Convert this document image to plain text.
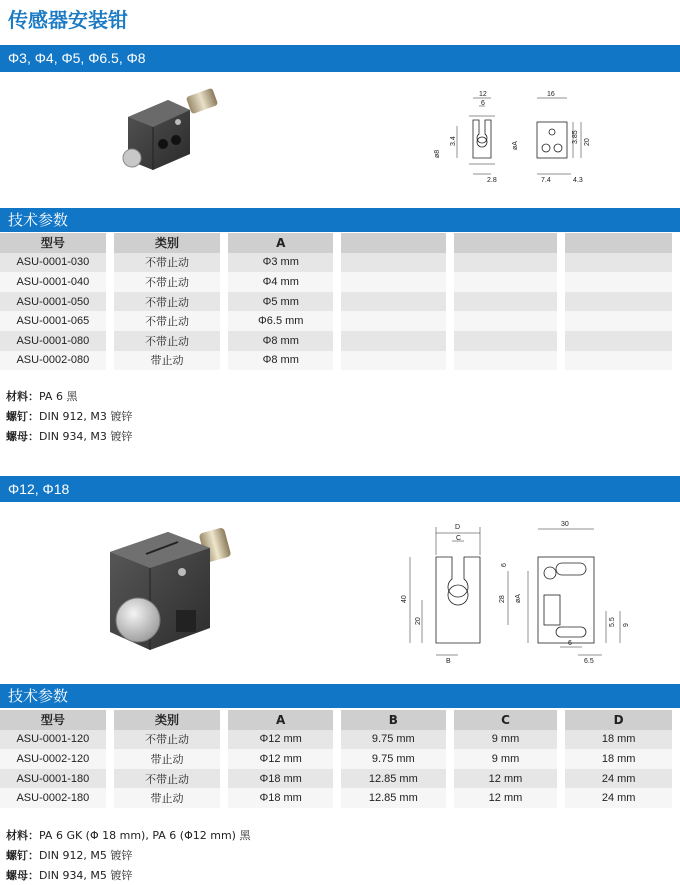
传感器安装钳
Φ3, Φ4, Φ5, Φ6.5, Φ8
12
6
16
3.4
ø8
2.8
øA
3.85 20
7.4	4.3
技术参数
型号	类别	A			
ASU-0001-030	不带止动	Φ3 mm			
ASU-0001-040	不带止动	Φ4 mm			
ASU-0001-050	不带止动	Φ5 mm			
ASU-0001-065	不带止动	Φ6.5 mm			
ASU-0001-080	不带止动	Φ8 mm			
ASU-0002-080	带止动	Φ8 mm			
材料：PA 6 黑
螺钉：DIN 912, M3 镀锌
螺母：DIN 934, M3 镀锌
Φ12, Φ18
D
C
30
40
20
28 øA
6
B
5.5 9
6
6.5
技术参数
型号	类别	A	B	C	D
ASU-0001-120	不带止动	Φ12 mm	9.75 mm	9 mm	18 mm
ASU-0002-120	带止动	Φ12 mm	9.75 mm	9 mm	18 mm
ASU-0001-180	不带止动	Φ18 mm	12.85 mm	12 mm	24 mm
ASU-0002-180	带止动	Φ18 mm	12.85 mm	12 mm	24 mm
材料：PA 6 GK (Φ 18 mm), PA 6 (Φ12 mm) 黑
螺钉：DIN 912, M5 镀锌
螺母：DIN 934, M5 镀锌
